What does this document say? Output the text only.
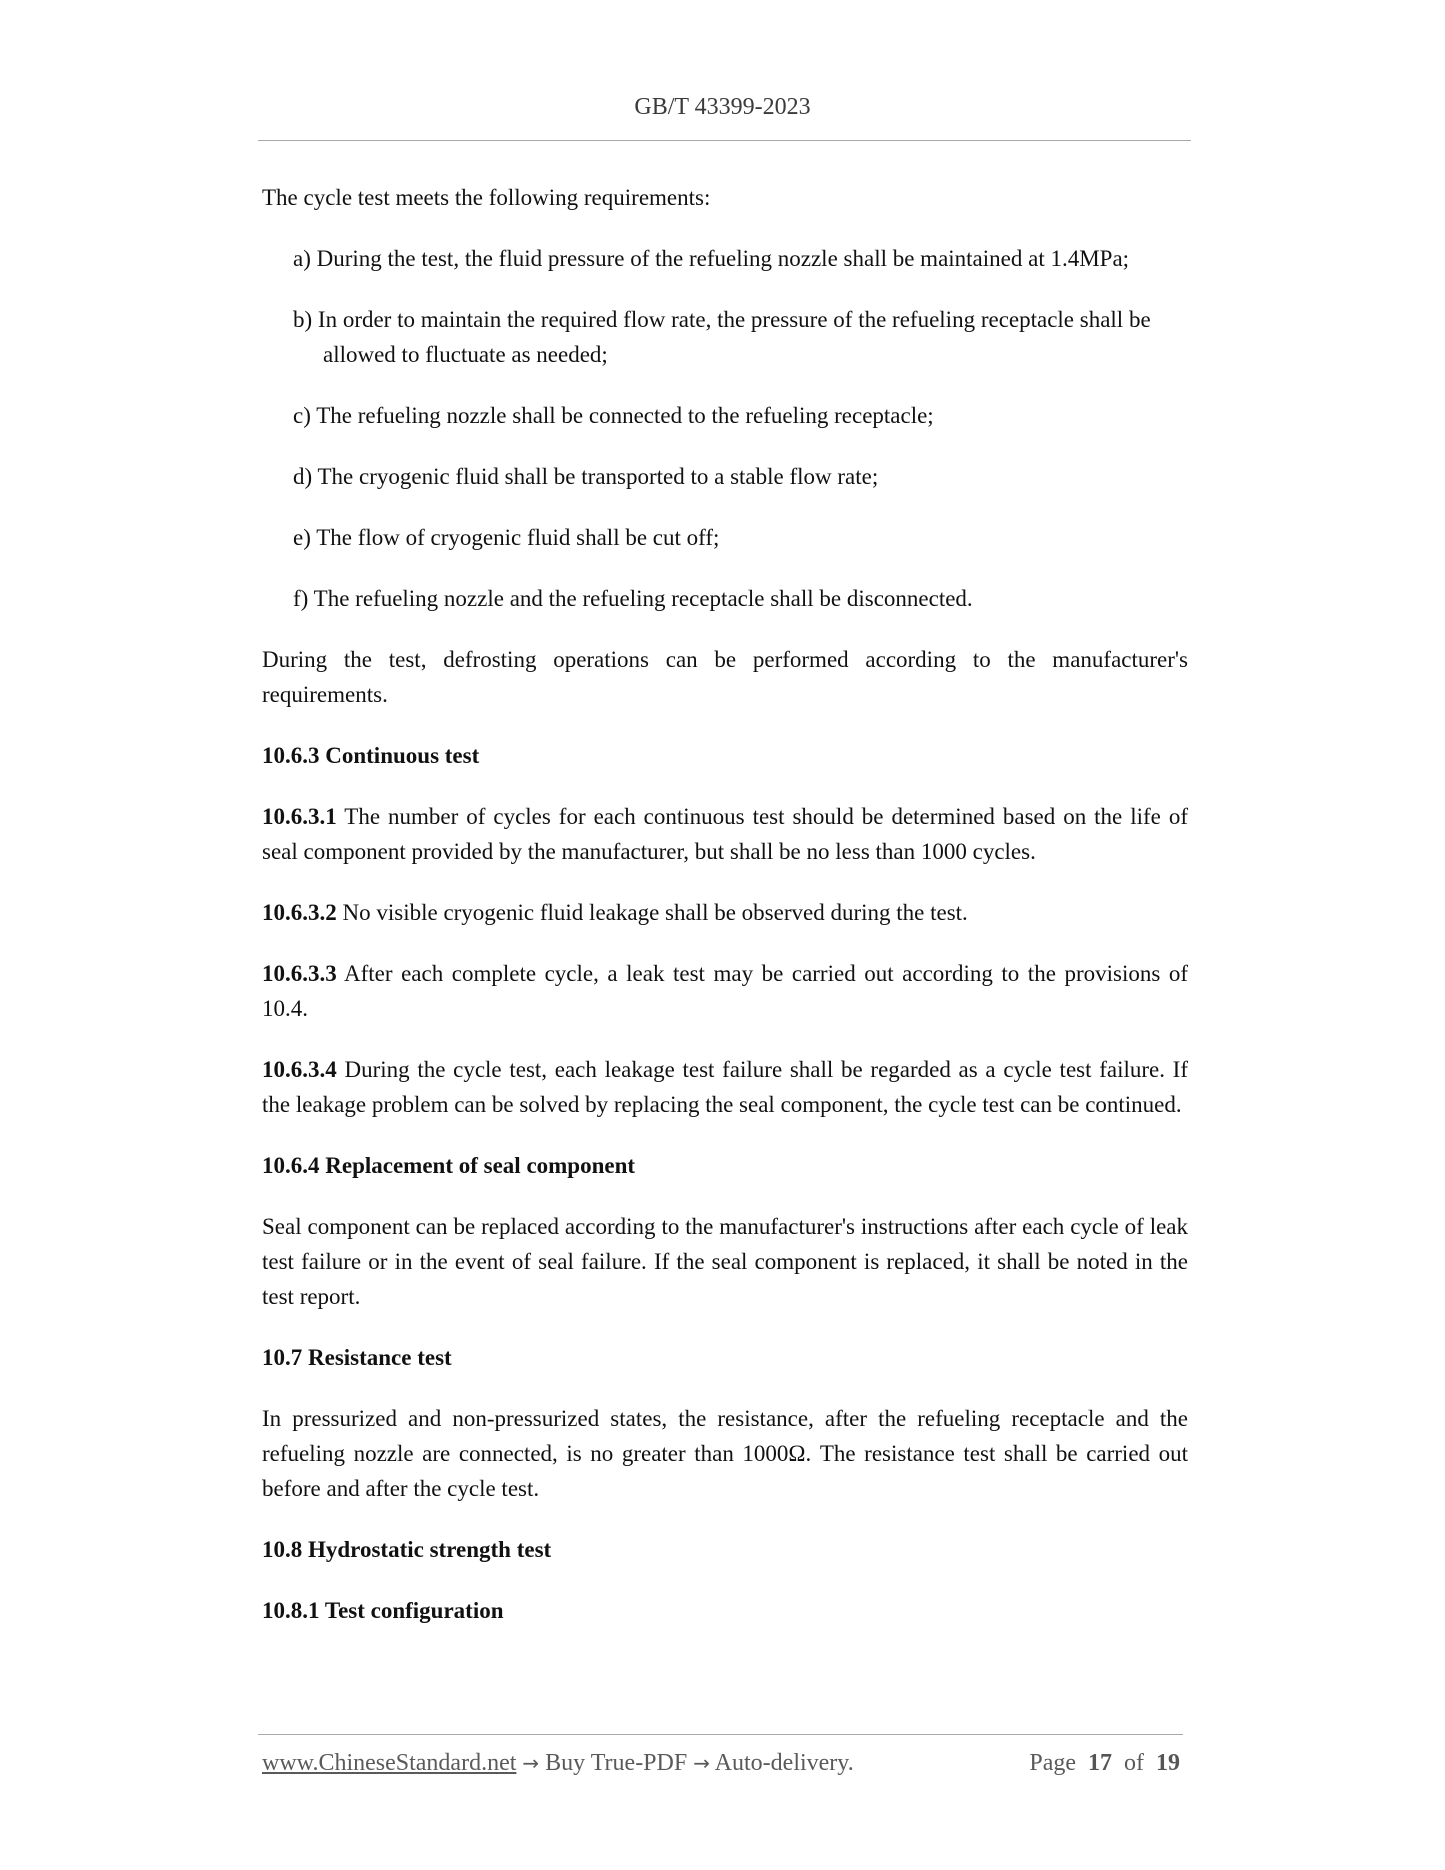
GB/T 43399-2023

The cycle test meets the following requirements:

a) During the test, the fluid pressure of the refueling nozzle shall be maintained at 1.4MPa;

b) In order to maintain the required flow rate, the pressure of the refueling receptacle shall be allowed to fluctuate as needed;

c) The refueling nozzle shall be connected to the refueling receptacle;

d) The cryogenic fluid shall be transported to a stable flow rate;

e) The flow of cryogenic fluid shall be cut off;

f) The refueling nozzle and the refueling receptacle shall be disconnected.

During the test, defrosting operations can be performed according to the manufacturer's requirements.

10.6.3 Continuous test

10.6.3.1 The number of cycles for each continuous test should be determined based on the life of seal component provided by the manufacturer, but shall be no less than 1000 cycles.

10.6.3.2 No visible cryogenic fluid leakage shall be observed during the test.

10.6.3.3 After each complete cycle, a leak test may be carried out according to the provisions of 10.4.

10.6.3.4 During the cycle test, each leakage test failure shall be regarded as a cycle test failure. If the leakage problem can be solved by replacing the seal component, the cycle test can be continued.

10.6.4 Replacement of seal component

Seal component can be replaced according to the manufacturer's instructions after each cycle of leak test failure or in the event of seal failure. If the seal component is replaced, it shall be noted in the test report.

10.7 Resistance test

In pressurized and non-pressurized states, the resistance, after the refueling receptacle and the refueling nozzle are connected, is no greater than 1000Ω. The resistance test shall be carried out before and after the cycle test.

10.8 Hydrostatic strength test

10.8.1 Test configuration

www.ChineseStandard.net → Buy True-PDF → Auto-delivery.	Page 17 of 19
